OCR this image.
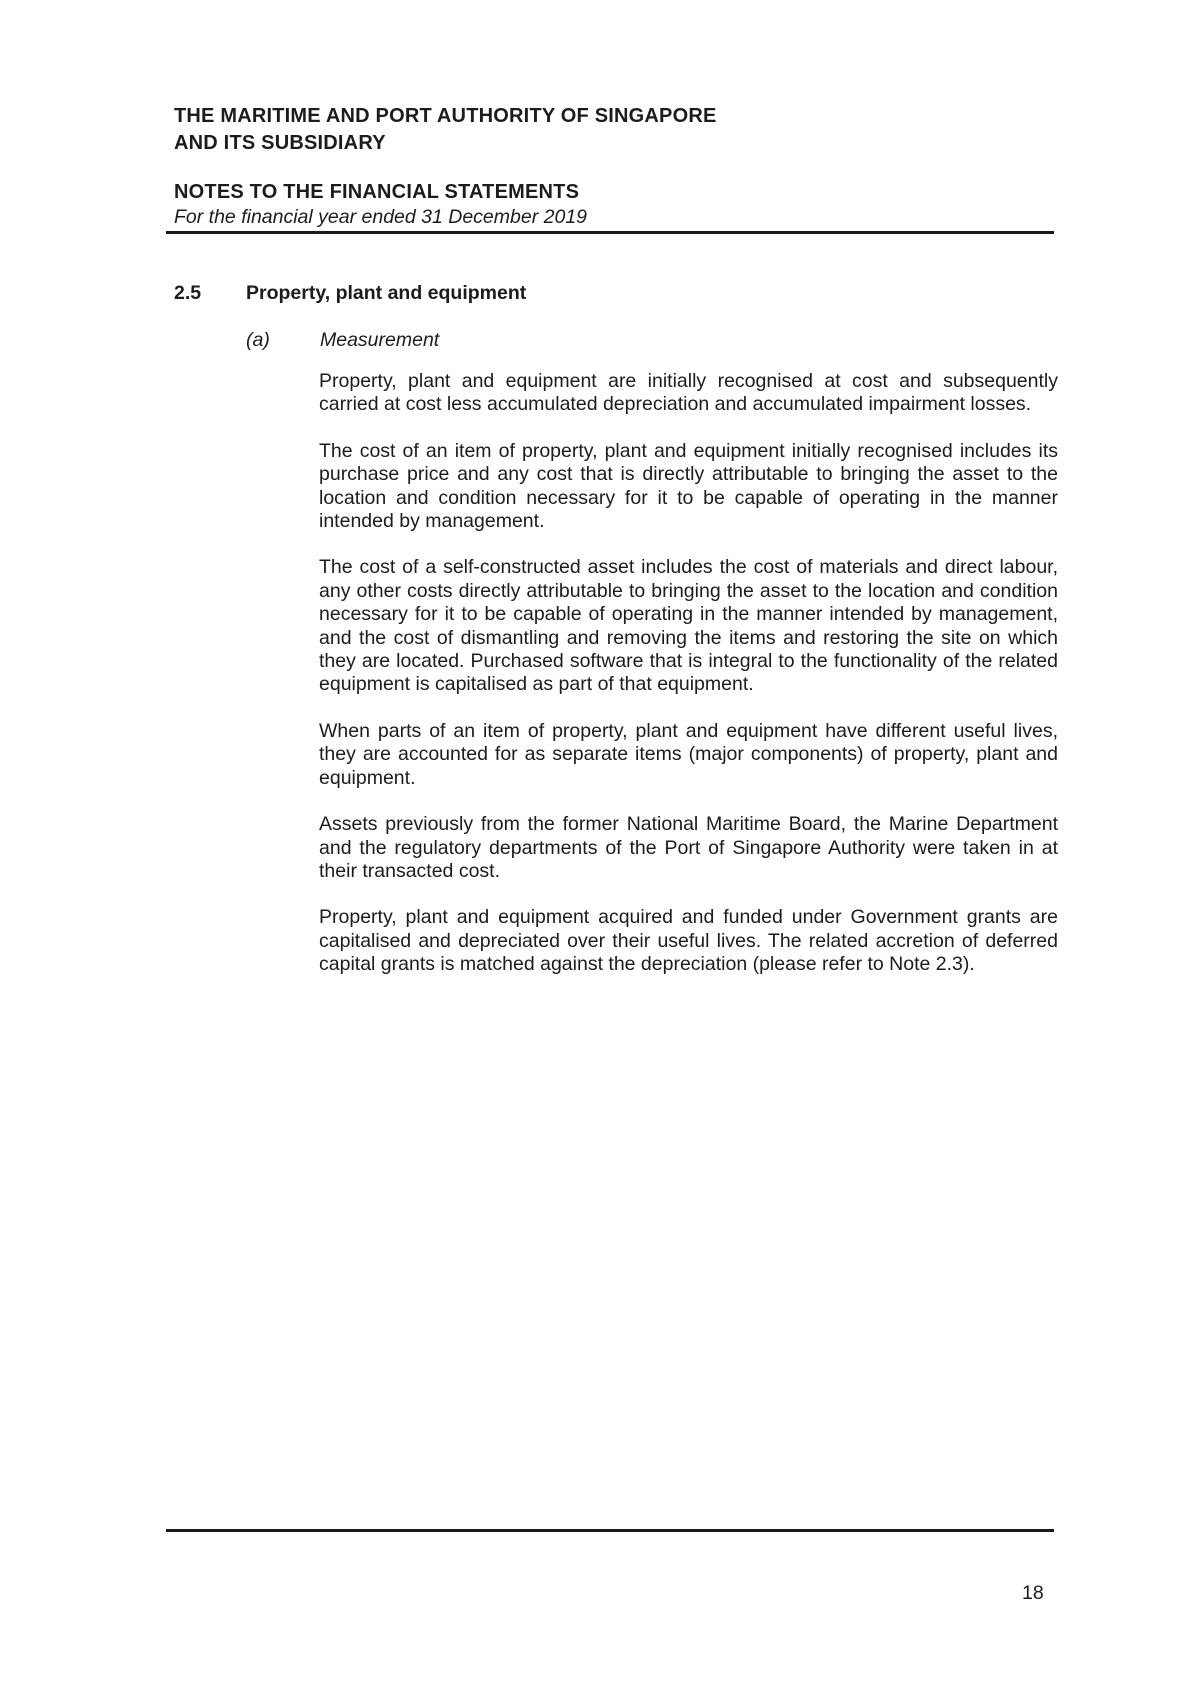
THE MARITIME AND PORT AUTHORITY OF SINGAPORE
AND ITS SUBSIDIARY
NOTES TO THE FINANCIAL STATEMENTS
For the financial year ended 31 December 2019
2.5 Property, plant and equipment
(a)	Measurement

Property, plant and equipment are initially recognised at cost and subsequently carried at cost less accumulated depreciation and accumulated impairment losses.

The cost of an item of property, plant and equipment initially recognised includes its purchase price and any cost that is directly attributable to bringing the asset to the location and condition necessary for it to be capable of operating in the manner intended by management.

The cost of a self-constructed asset includes the cost of materials and direct labour, any other costs directly attributable to bringing the asset to the location and condition necessary for it to be capable of operating in the manner intended by management, and the cost of dismantling and removing the items and restoring the site on which they are located. Purchased software that is integral to the functionality of the related equipment is capitalised as part of that equipment.

When parts of an item of property, plant and equipment have different useful lives, they are accounted for as separate items (major components) of property, plant and equipment.

Assets previously from the former National Maritime Board, the Marine Department and the regulatory departments of the Port of Singapore Authority were taken in at their transacted cost.

Property, plant and equipment acquired and funded under Government grants are capitalised and depreciated over their useful lives. The related accretion of deferred capital grants is matched against the depreciation (please refer to Note 2.3).

18
